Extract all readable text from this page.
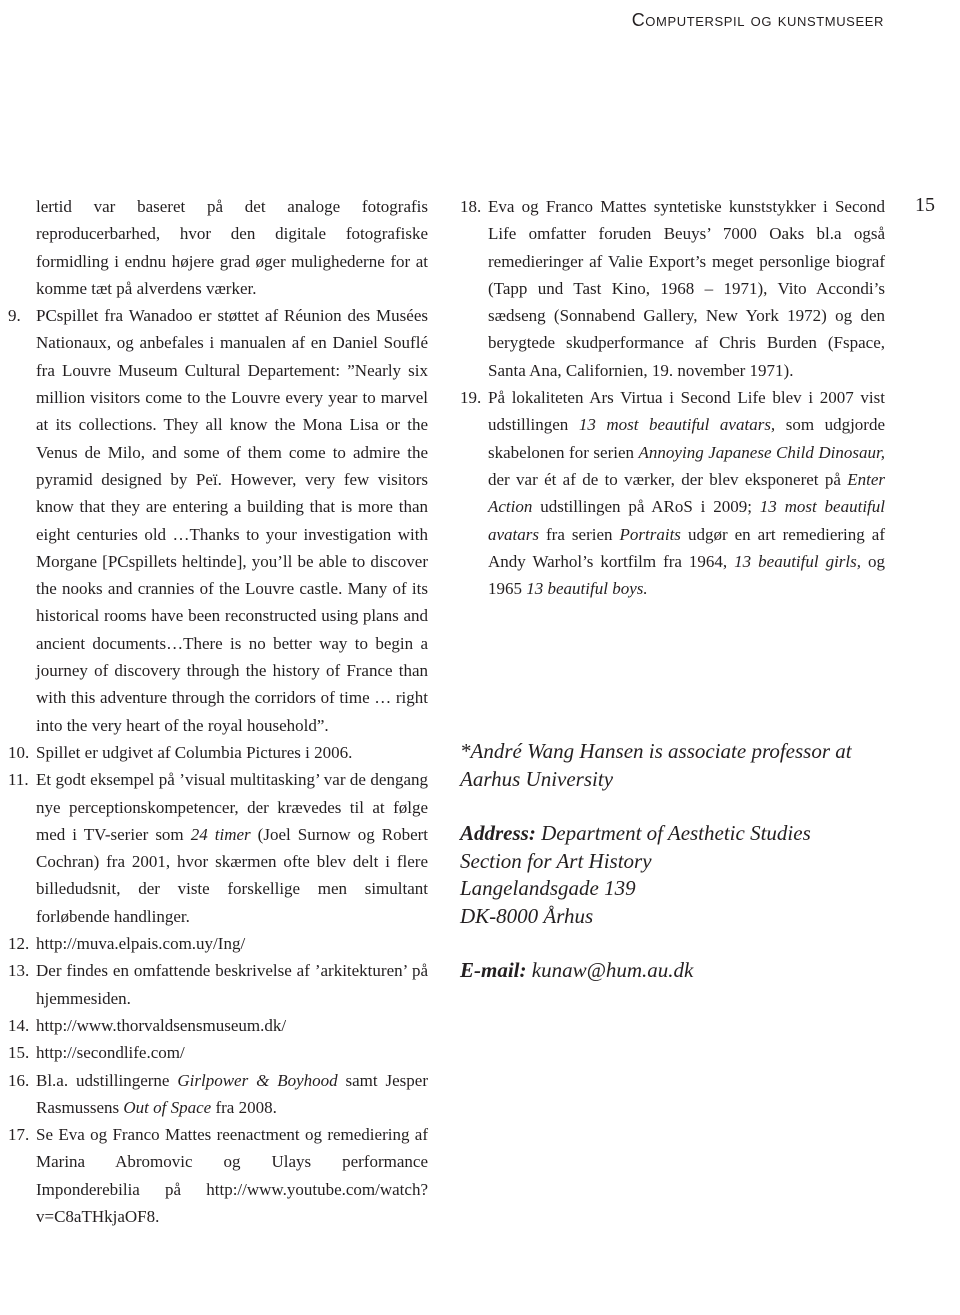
Computerspil og kunstmuseer
15
lertid var baseret på det analoge fotografis reproducerbarhed, hvor den digitale fotografiske formidling i endnu højere grad øger mulighederne for at komme tæt på alverdens værker.
9. PCspillet fra Wanadoo er støttet af Réunion des Musées Nationaux, og anbefales i manualen af en Daniel Souflé fra Louvre Museum Cultural Departement: ”Nearly six million visitors come to the Louvre every year to marvel at its collections. They all know the Mona Lisa or the Venus de Milo, and some of them come to admire the pyramid designed by Peï. However, very few visitors know that they are entering a building that is more than eight centuries old …Thanks to your investigation with Morgane [PCspillets heltinde], you’ll be able to discover the nooks and crannies of the Louvre castle. Many of its historical rooms have been reconstructed using plans and ancient documents…There is no better way to begin a journey of discovery through the history of France than with this adventure through the corridors of time … right into the very heart of the royal household”.
10. Spillet er udgivet af Columbia Pictures i 2006.
11. Et godt eksempel på ’visual multitasking’ var de dengang nye perceptionskompetencer, der krævedes til at følge med i TV-serier som 24 timer (Joel Surnow og Robert Cochran) fra 2001, hvor skærmen ofte blev delt i flere billedudsnit, der viste forskellige men simultant forløbende handlinger.
12. http://muva.elpais.com.uy/Ing/
13. Der findes en omfattende beskrivelse af ’arkitekturen’ på hjemmesiden.
14. http://www.thorvaldsensmuseum.dk/
15. http://secondlife.com/
16. Bl.a. udstillingerne Girlpower & Boyhood samt Jesper Rasmussens Out of Space fra 2008.
17. Se Eva og Franco Mattes reenactment og remediering af Marina Abromovic og Ulays performance Imponderebilia på http://www.youtube.com/watch?v=C8aTHkjaOF8.
18. Eva og Franco Mattes syntetiske kunststykker i Second Life omfatter foruden Beuys’ 7000 Oaks bl.a også remedieringer af Valie Export’s meget personlige biograf (Tapp und Tast Kino, 1968 – 1971), Vito Accondi’s sædseng (Sonnabend Gallery, New York 1972) og den berygtede skudperformance af Chris Burden (Fspace, Santa Ana, Californien, 19. november 1971).
19. På lokaliteten Ars Virtua i Second Life blev i 2007 vist udstillingen 13 most beautiful avatars, som udgjorde skabelonen for serien Annoying Japanese Child Dinosaur, der var ét af de to værker, der blev eksponeret på Enter Action udstillingen på ARoS i 2009; 13 most beautiful avatars fra serien Portraits udgør en art remediering af Andy Warhol’s kortfilm fra 1964, 13 beautiful girls, og 1965 13 beautiful boys.
*André Wang Hansen is associate professor at
Aarhus University
Address: Department of Aesthetic Studies
Section for Art History
Langelandsgade 139
DK-8000 Århus
E-mail: kunaw@hum.au.dk
